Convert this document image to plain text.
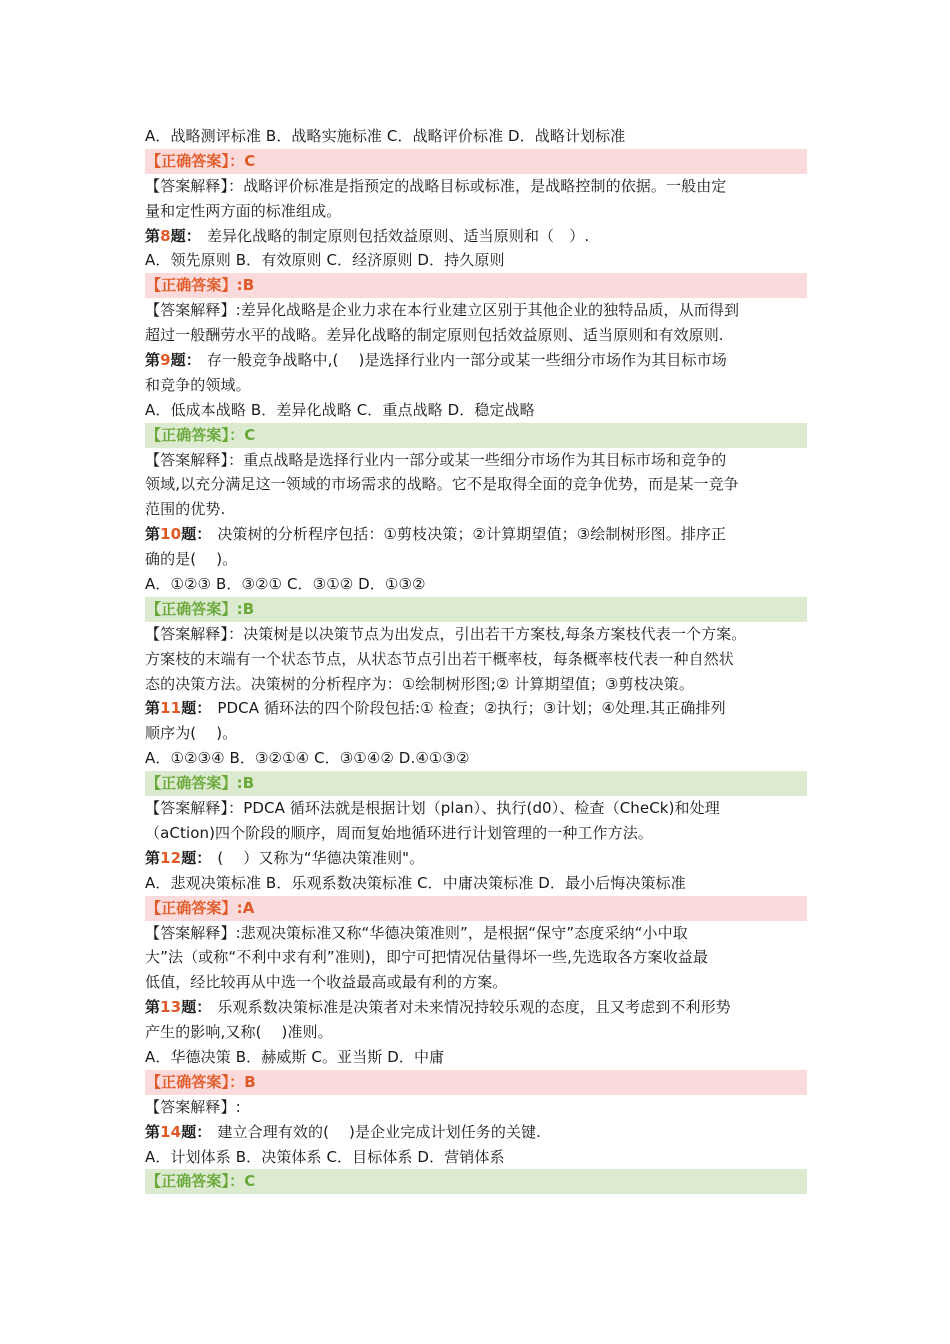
A．战略测评标准 B．战略实施标准 C．战略评价标准 D．战略计划标准
【正确答案】：C
【答案解释】：战略评价标准是指预定的战略目标或标准，是战略控制的依据。一般由定
量和定性两方面的标准组成。
第8题： 差异化战略的制定原则包括效益原则、适当原则和（　）.
A．领先原则 B．有效原则 C．经济原则 D．持久原则
【正确答案】:B
【答案解释】:差异化战略是企业力求在本行业建立区别于其他企业的独特品质，从而得到
超过一般酬劳水平的战略。差异化战略的制定原则包括效益原则、适当原则和有效原则.
第9题： 存一般竞争战略中,(　 )是选择行业内一部分或某一些细分市场作为其目标市场
和竞争的领域。
A．低成本战略 B．差异化战略 C．重点战略 D．稳定战略
【正确答案】：C
【答案解释】：重点战略是选择行业内一部分或某一些细分市场作为其目标市场和竞争的
领域,以充分满足这一领域的市场需求的战略。它不是取得全面的竞争优势，而是某一竞争
范围的优势.
第10题： 决策树的分析程序包括：①剪枝决策；②计算期望值；③绘制树形图。排序正
确的是(　 )。
A．①②③ B．③②① C．③①② D．①③②
【正确答案】:B
【答案解释】：决策树是以决策节点为出发点，引出若干方案枝,每条方案枝代表一个方案。
方案枝的末端有一个状态节点，从状态节点引出若干概率枝，每条概率枝代表一种自然状
态的决策方法。决策树的分析程序为：①绘制树形图;② 计算期望值；③剪枝决策。
第11题： PDCA 循环法的四个阶段包括:① 检查；②执行；③计划；④处理.其正确排列
顺序为(　 )。
A．①②③④ B．③②①④ C．③①④② D.④①③②
【正确答案】:B
【答案解释】：PDCA 循环法就是根据计划（plan）、执行(d0）、检查（CheCk)和处理
（aCtion)四个阶段的顺序，周而复始地循环进行计划管理的一种工作方法。
第12题： (　 ）又称为“华德决策准则"。
A．悲观决策标准 B．乐观系数决策标准 C．中庸决策标准 D．最小后悔决策标准
【正确答案】:A
【答案解释】:悲观决策标准又称“华德决策准则”，是根据“保守”态度采纳“小中取
大”法（或称“不利中求有利”准则)，即宁可把情况估量得坏一些,先选取各方案收益最
低值，经比较再从中选一个收益最高或最有利的方案。
第13题： 乐观系数决策标准是决策者对未来情况持较乐观的态度，且又考虑到不利形势
产生的影响,又称(　 )准则。
A．华德决策 B．赫威斯 C。亚当斯 D．中庸
【正确答案】：B
【答案解释】:
第14题： 建立合理有效的(　 )是企业完成计划任务的关键.
A．计划体系 B．决策体系 C．目标体系 D．营销体系
【正确答案】：C
